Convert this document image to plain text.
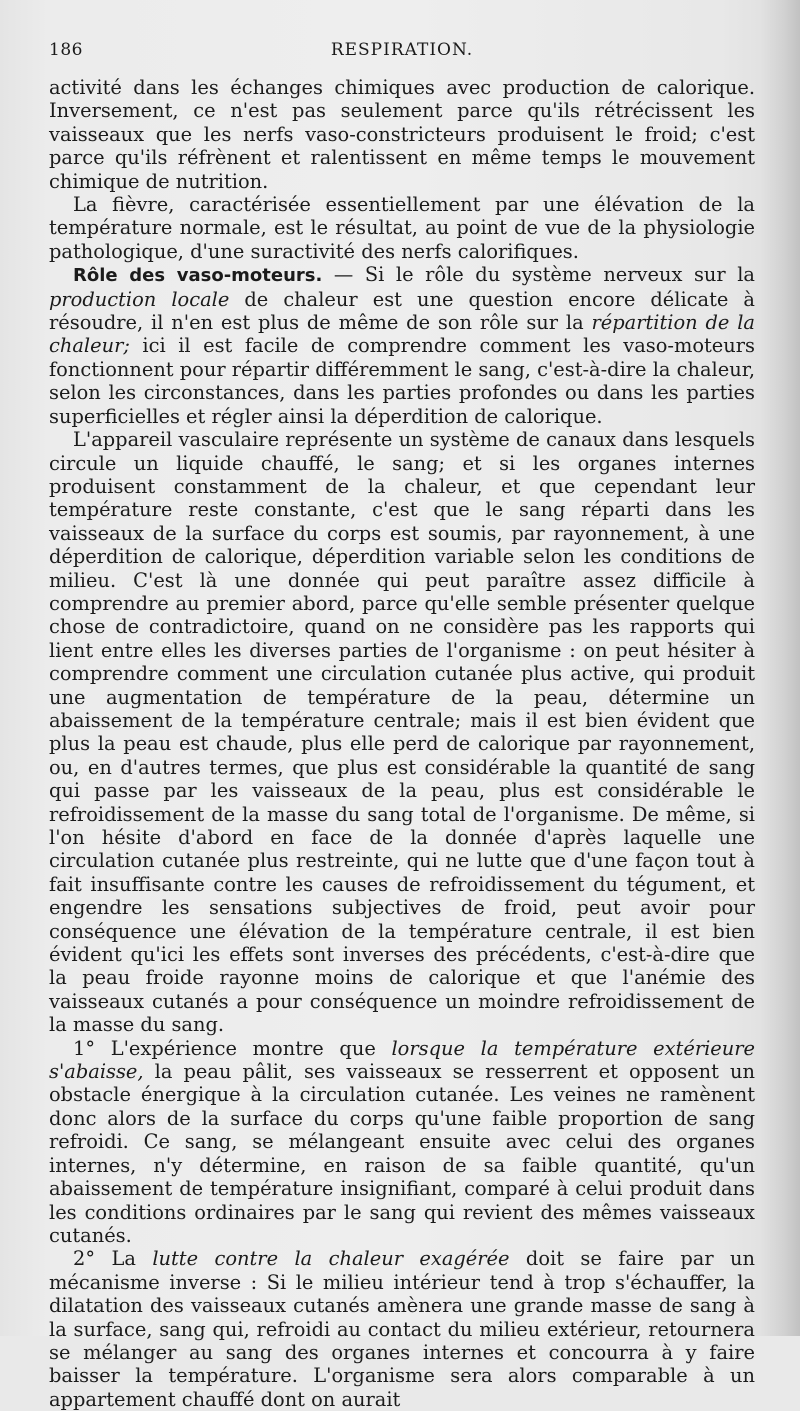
186	RESPIRATION.

activité dans les échanges chimiques avec production de calorique. Inversement, ce n'est pas seulement parce qu'ils rétrécissent les vaisseaux que les nerfs vaso-constricteurs produisent le froid; c'est parce qu'ils réfrènent et ralentissent en même temps le mouvement chimique de nutrition.

La fièvre, caractérisée essentiellement par une élévation de la température normale, est le résultat, au point de vue de la physiologie pathologique, d'une suractivité des nerfs calorifiques.

Rôle des vaso-moteurs. — Si le rôle du système nerveux sur la production locale de chaleur est une question encore délicate à résoudre, il n'en est plus de même de son rôle sur la répartition de la chaleur; ici il est facile de comprendre comment les vaso-moteurs fonctionnent pour répartir différemment le sang, c'est-à-dire la chaleur, selon les circonstances, dans les parties profondes ou dans les parties superficielles et régler ainsi la déperdition de calorique.

L'appareil vasculaire représente un système de canaux dans lesquels circule un liquide chauffé, le sang; et si les organes internes produisent constamment de la chaleur, et que cependant leur température reste constante, c'est que le sang réparti dans les vaisseaux de la surface du corps est soumis, par rayonnement, à une déperdition de calorique, déperdition variable selon les conditions de milieu. C'est là une donnée qui peut paraître assez difficile à comprendre au premier abord, parce qu'elle semble présenter quelque chose de contradictoire, quand on ne considère pas les rapports qui lient entre elles les diverses parties de l'organisme : on peut hésiter à comprendre comment une circulation cutanée plus active, qui produit une augmentation de température de la peau, détermine un abaissement de la température centrale; mais il est bien évident que plus la peau est chaude, plus elle perd de calorique par rayonnement, ou, en d'autres termes, que plus est considérable la quantité de sang qui passe par les vaisseaux de la peau, plus est considérable le refroidissement de la masse du sang total de l'organisme. De même, si l'on hésite d'abord en face de la donnée d'après laquelle une circulation cutanée plus restreinte, qui ne lutte que d'une façon tout à fait insuffisante contre les causes de refroidissement du tégument, et engendre les sensations subjectives de froid, peut avoir pour conséquence une élévation de la température centrale, il est bien évident qu'ici les effets sont inverses des précédents, c'est-à-dire que la peau froide rayonne moins de calorique et que l'anémie des vaisseaux cutanés a pour conséquence un moindre refroidissement de la masse du sang.

1° L'expérience montre que lorsque la température extérieure s'abaisse, la peau pâlit, ses vaisseaux se resserrent et opposent un obstacle énergique à la circulation cutanée. Les veines ne ramènent donc alors de la surface du corps qu'une faible proportion de sang refroidi. Ce sang, se mélangeant ensuite avec celui des organes internes, n'y détermine, en raison de sa faible quantité, qu'un abaissement de température insignifiant, comparé à celui produit dans les conditions ordinaires par le sang qui revient des mêmes vaisseaux cutanés.

2° La lutte contre la chaleur exagérée doit se faire par un mécanisme inverse : Si le milieu intérieur tend à trop s'échauffer, la dilatation des vaisseaux cutanés amènera une grande masse de sang à la surface, sang qui, refroidi au contact du milieu extérieur, retournera se mélanger au sang des organes internes et concourra à y faire baisser la température. L'organisme sera alors comparable à un appartement chauffé dont on aurait
